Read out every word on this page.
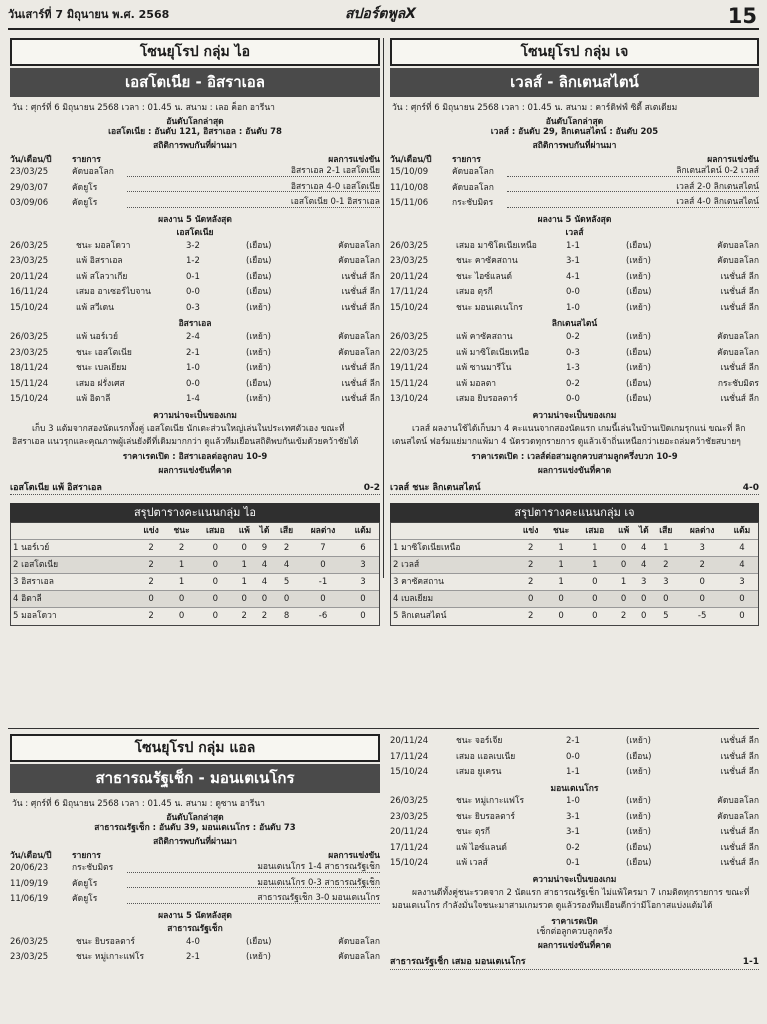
วันเสาร์ที่ 7 มิถุนายน พ.ศ. 2568	สปอร์ตพูลX	15
โซนยุโรป กลุ่ม ไอ
เอสโตเนีย - อิสราเอล
วัน : ศุกร์ที่ 6 มิถุนายน 2568 เวลา : 01.45 น. สนาม : เลอ ค็อก อารีนา
อันดับโลกล่าสุด
เอสโตเนีย : อันดับ 121, อิสราเอล : อันดับ 78
สถิติการพบกันที่ผ่านมา
วัน/เดือน/ปี	รายการ	ผลการแข่งขัน
23/03/25	คัดบอลโลก	อิสราเอล 2-1 เอสโตเนีย
29/03/07	คัดยูโร	อิสราเอล 4-0 เอสโตเนีย
03/09/06	คัดยูโร	เอสโตเนีย 0-1 อิสราเอล
ผลงาน 5 นัดหลังสุด
เอสโตเนีย
26/03/25	ชนะ มอลโดวา	3-2	(เยือน)	คัดบอลโลก
23/03/25	แพ้ อิสราเอล	1-2	(เยือน)	คัดบอลโลก
20/11/24	แพ้ สโลวาเกีย	0-1	(เยือน)	เนชั่นส์ ลีก
16/11/24	เสมอ อาเซอร์ไบจาน	0-0	(เยือน)	เนชั่นส์ ลีก
15/10/24	แพ้ สวีเดน	0-3	(เหย้า)	เนชั่นส์ ลีก
อิสราเอล
26/03/25	แพ้ นอร์เวย์	2-4	(เหย้า)	คัดบอลโลก
23/03/25	ชนะ เอสโตเนีย	2-1	(เหย้า)	คัดบอลโลก
18/11/24	ชนะ เบลเยียม	1-0	(เหย้า)	เนชั่นส์ ลีก
15/11/24	เสมอ ฝรั่งเศส	0-0	(เยือน)	เนชั่นส์ ลีก
15/10/24	แพ้ อิตาลี	1-4	(เหย้า)	เนชั่นส์ ลีก
ความน่าจะเป็นของเกม
เก็บ 3 แต้มจากสองนัดแรกทั้งคู่ เอสโตเนีย นักเตะส่วนใหญ่เล่นในประเทศตัวเอง ขณะที่ อิสราเอล แนวรุกและคุณภาพผู้เล่นยังดีที่เดิมมากกว่า ดูแล้วทีมเยือนสถิติพบกันเข้มด้วยคว้าชัยได้
ราคาเรตเปิด : อิสราเอลต่อลูกลบ 10-9
ผลการแข่งขันที่คาด
เอสโตเนีย แพ้ อิสราเอล	0-2
สรุปตารางคะแนนกลุ่ม ไอ
	แข่ง	ชนะ	เสมอ	แพ้	ได้	เสีย	ผลต่าง	แต้ม
1 นอร์เวย์	2	2	0	0	9	2	7	6
2 เอสโตเนีย	2	1	0	1	4	4	0	3
3 อิสราเอล	2	1	0	1	4	5	-1	3
4 อิตาลี	0	0	0	0	0	0	0	0
5 มอลโดวา	2	0	0	2	2	8	-6	0
โซนยุโรป กลุ่ม เจ
เวลส์ - ลิกเตนสไตน์
วัน : ศุกร์ที่ 6 มิถุนายน 2568 เวลา : 01.45 น. สนาม : คาร์ดิฟฟ์ ซิตี้ สเตเดียม
อันดับโลกล่าสุด
เวลส์ : อันดับ 29, ลิกเตนสไตน์ : อันดับ 205
สถิติการพบกันที่ผ่านมา
วัน/เดือน/ปี	รายการ	ผลการแข่งขัน
15/10/09	คัดบอลโลก	ลิกเตนสไตน์ 0-2 เวลส์
11/10/08	คัดบอลโลก	เวลส์ 2-0 ลิกเตนสไตน์
15/11/06	กระชับมิตร	เวลส์ 4-0 ลิกเตนสไตน์
ผลงาน 5 นัดหลังสุด
เวลส์
26/03/25	เสมอ มาซิโดเนียเหนือ	1-1	(เยือน)	คัดบอลโลก
23/03/25	ชนะ คาซัคสถาน	3-1	(เหย้า)	คัดบอลโลก
20/11/24	ชนะ ไอซ์แลนด์	4-1	(เหย้า)	เนชั่นส์ ลีก
17/11/24	เสมอ ตุรกี	0-0	(เยือน)	เนชั่นส์ ลีก
15/10/24	ชนะ มอนเตเนโกร	1-0	(เหย้า)	เนชั่นส์ ลีก
ลิกเตนสไตน์
26/03/25	แพ้ คาซัคสถาน	0-2	(เหย้า)	คัดบอลโลก
22/03/25	แพ้ มาซิโดเนียเหนือ	0-3	(เยือน)	คัดบอลโลก
19/11/24	แพ้ ซานมารีโน	1-3	(เหย้า)	เนชั่นส์ ลีก
15/11/24	แพ้ มอลตา	0-2	(เยือน)	กระชับมิตร
13/10/24	เสมอ ยิบรอลตาร์	0-0	(เยือน)	เนชั่นส์ ลีก
ความน่าจะเป็นของเกม
เวลส์ ผลงานใช้ได้เก็บมา 4 คะแนนจากสองนัดแรก เกมนี้เล่นในบ้านเปิดเกมรุกแน่ ขณะที่ ลิกเตนสไตน์ ฟอร์มแย่มากแพ้มา 4 นัดรวดทุกรายการ ดูแล้วเจ้าถิ่นเหนือกว่าเยอะถล่มคว้าชัยสบายๆ
ราคาเรตเปิด : เวลส์ต่อสามลูกควบสามลูกครึ่งบวก 10-9
ผลการแข่งขันที่คาด
เวลส์ ชนะ ลิกเตนสไตน์	4-0
สรุปตารางคะแนนกลุ่ม เจ
	แข่ง	ชนะ	เสมอ	แพ้	ได้	เสีย	ผลต่าง	แต้ม
1 มาซิโดเนียเหนือ	2	1	1	0	4	1	3	4
2 เวลส์	2	1	1	0	4	2	2	4
3 คาซัคสถาน	2	1	0	1	3	3	0	3
4 เบลเยียม	0	0	0	0	0	0	0	0
5 ลิกเตนสไตน์	2	0	0	2	0	5	-5	0
โซนยุโรป กลุ่ม แอล
สาธารณรัฐเช็ก - มอนเตเนโกร
วัน : ศุกร์ที่ 6 มิถุนายน 2568 เวลา : 01.45 น. สนาม : ดูซาน อารีนา
อันดับโลกล่าสุด
สาธารณรัฐเช็ก : อันดับ 39, มอนเตเนโกร : อันดับ 73
สถิติการพบกันที่ผ่านมา
วัน/เดือน/ปี	รายการ	ผลการแข่งขัน
20/06/23	กระชับมิตร	มอนเตเนโกร 1-4 สาธารณรัฐเช็ก
11/09/19	คัดยูโร	มอนเตเนโกร 0-3 สาธารณรัฐเช็ก
11/06/19	คัดยูโร	สาธารณรัฐเช็ก 3-0 มอนเตเนโกร
ผลงาน 5 นัดหลังสุด
สาธารณรัฐเช็ก
26/03/25	ชนะ ยิบรอลตาร์	4-0	(เยือน)	คัดบอลโลก
23/03/25	ชนะ หมู่เกาะแฟโร	2-1	(เหย้า)	คัดบอลโลก
20/11/24	ชนะ จอร์เจีย	2-1	(เหย้า)	เนชั่นส์ ลีก
17/11/24	เสมอ แอลเบเนีย	0-0	(เยือน)	เนชั่นส์ ลีก
15/10/24	เสมอ ยูเครน	1-1	(เหย้า)	เนชั่นส์ ลีก
มอนเตเนโกร
26/03/25	ชนะ หมู่เกาะแฟโร	1-0	(เหย้า)	คัดบอลโลก
23/03/25	ชนะ ยิบรอลตาร์	3-1	(เหย้า)	คัดบอลโลก
20/11/24	ชนะ ตุรกี	3-1	(เหย้า)	เนชั่นส์ ลีก
17/11/24	แพ้ ไอซ์แลนด์	0-2	(เยือน)	เนชั่นส์ ลีก
15/10/24	แพ้ เวลส์	0-1	(เยือน)	เนชั่นส์ ลีก
ความน่าจะเป็นของเกม
ผลงานดีทั้งคู่ชนะรวดจาก 2 นัดแรก สาธารณรัฐเช็ก ไม่แพ้ใครมา 7 เกมติดทุกรายการ ขณะที่ มอนเตเนโกร กำลังมั่นใจชนะมาสามเกมรวด ดูแล้วรองทีมเยือนดีกว่ามีโอกาสแบ่งแต้มได้
ราคาเรตเปิด
เช็กต่อลูกควบลูกครึ่ง
ผลการแข่งขันที่คาด
สาธารณรัฐเช็ก เสมอ มอนเตเนโกร	1-1
